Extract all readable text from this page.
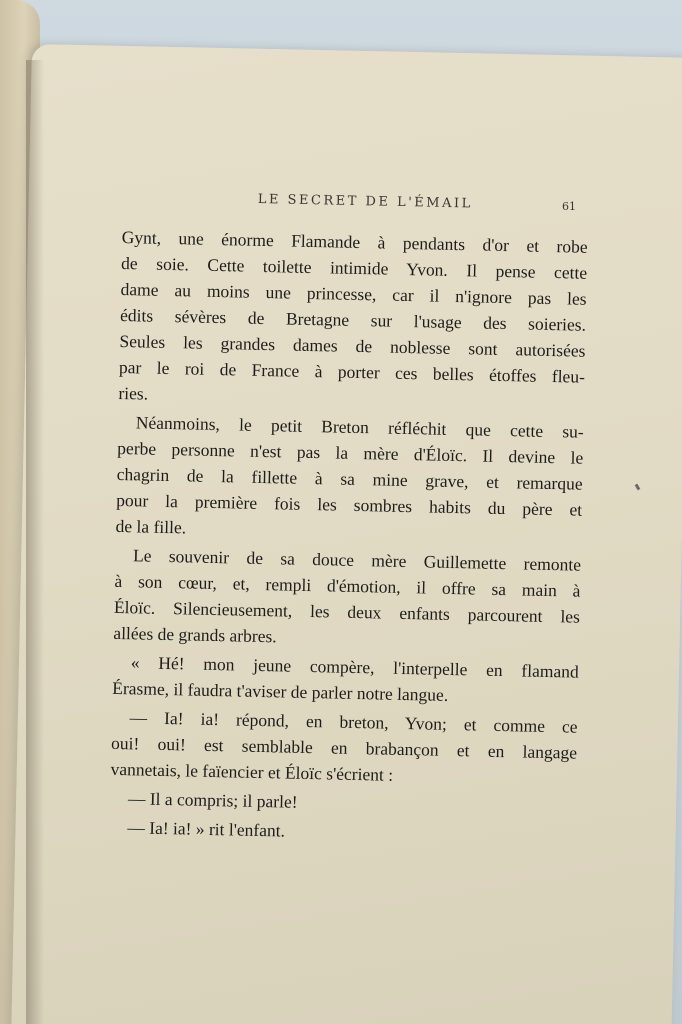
LE SECRET DE L'ÉMAIL	61
Gynt, une énorme Flamande à pendants d'or et robe
de soie. Cette toilette intimide Yvon. Il pense cette
dame au moins une princesse, car il n'ignore pas les
édits sévères de Bretagne sur l'usage des soieries.
Seules les grandes dames de noblesse sont autorisées
par le roi de France à porter ces belles étoffes fleu-
ries.
Néanmoins, le petit Breton réfléchit que cette su-
perbe personne n'est pas la mère d'Éloïc. Il devine le
chagrin de la fillette à sa mine grave, et remarque
pour la première fois les sombres habits du père et
de la fille.
Le souvenir de sa douce mère Guillemette remonte
à son cœur, et, rempli d'émotion, il offre sa main à
Éloïc. Silencieusement, les deux enfants parcourent les
allées de grands arbres.
« Hé! mon jeune compère, l'interpelle en flamand
Érasme, il faudra t'aviser de parler notre langue.
— Ia! ia! répond, en breton, Yvon; et comme ce
oui! oui! est semblable en brabançon et en langage
vannetais, le faïencier et Éloïc s'écrient :
— Il a compris; il parle!
— Ia! ia! » rit l'enfant.
